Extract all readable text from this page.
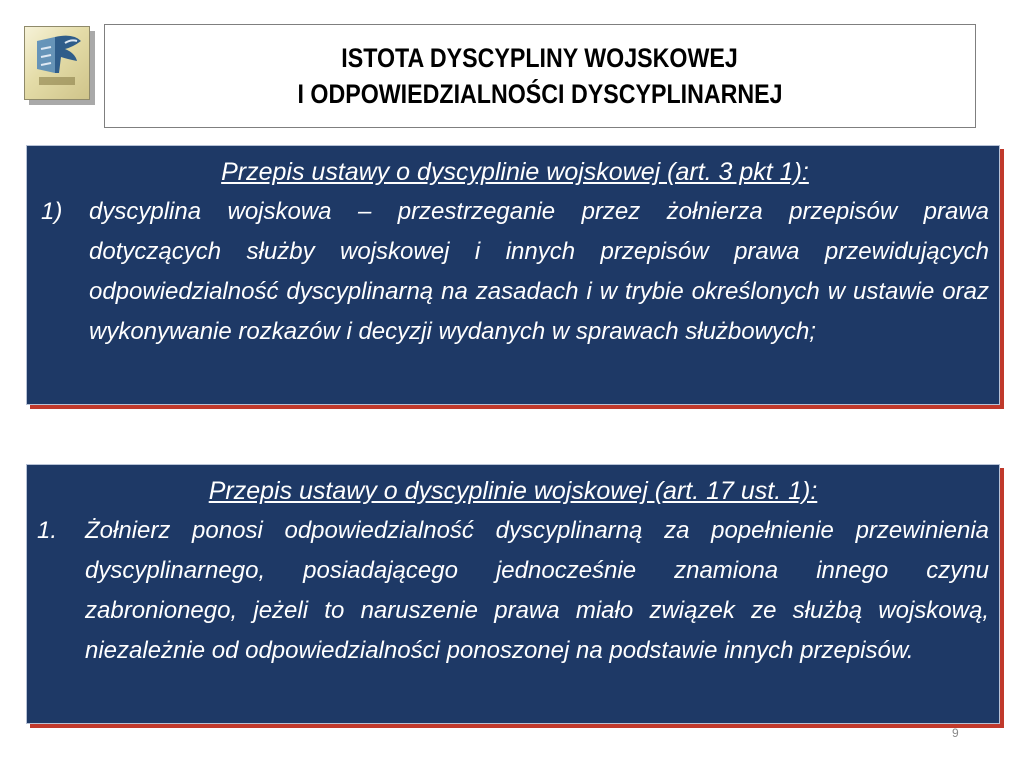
ISTOTA DYSCYPLINY WOJSKOWEJ
I ODPOWIEDZIALNOŚCI DYSCYPLINARNEJ
Przepis ustawy o dyscyplinie wojskowej (art. 3 pkt 1):
1)	dyscyplina wojskowa – przestrzeganie przez żołnierza przepisów prawa dotyczących służby wojskowej i innych przepisów prawa przewidujących odpowiedzialność dyscyplinarną na zasadach i w trybie określonych w ustawie oraz wykonywanie rozkazów i decyzji wydanych w sprawach służbowych;
Przepis ustawy o dyscyplinie wojskowej (art. 17 ust. 1):
1.	Żołnierz ponosi odpowiedzialność dyscyplinarną za popełnienie przewinienia dyscyplinarnego, posiadającego jednocześnie znamiona innego czynu zabronionego, jeżeli to naruszenie prawa miało związek ze służbą wojskową, niezależnie od odpowiedzialności ponoszonej na podstawie innych przepisów.
9
